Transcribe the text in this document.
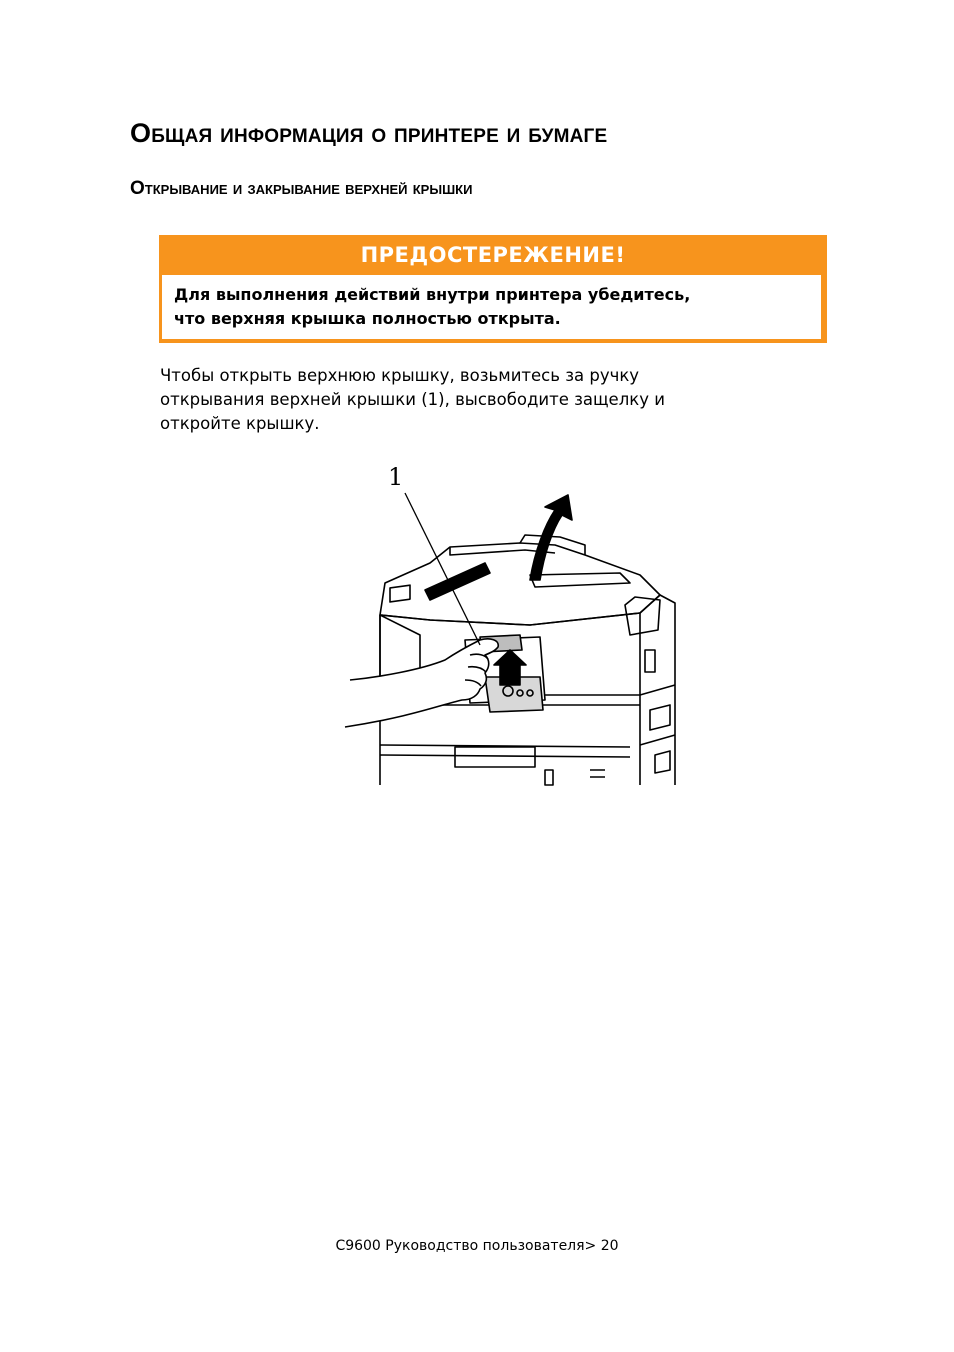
Общая информация о принтере и бумаге
Открывание и закрывание верхней крышки
ПРЕДОСТЕРЕЖЕНИЕ!
Для выполнения действий внутри принтера убедитесь,
что верхняя крышка полностью открыта.
Чтобы открыть верхнюю крышку, возьмитесь за ручку
открывания верхней крышки (1), высвободите защелку и
откройте крышку.
1
C9600 Руководство пользователя> 20
